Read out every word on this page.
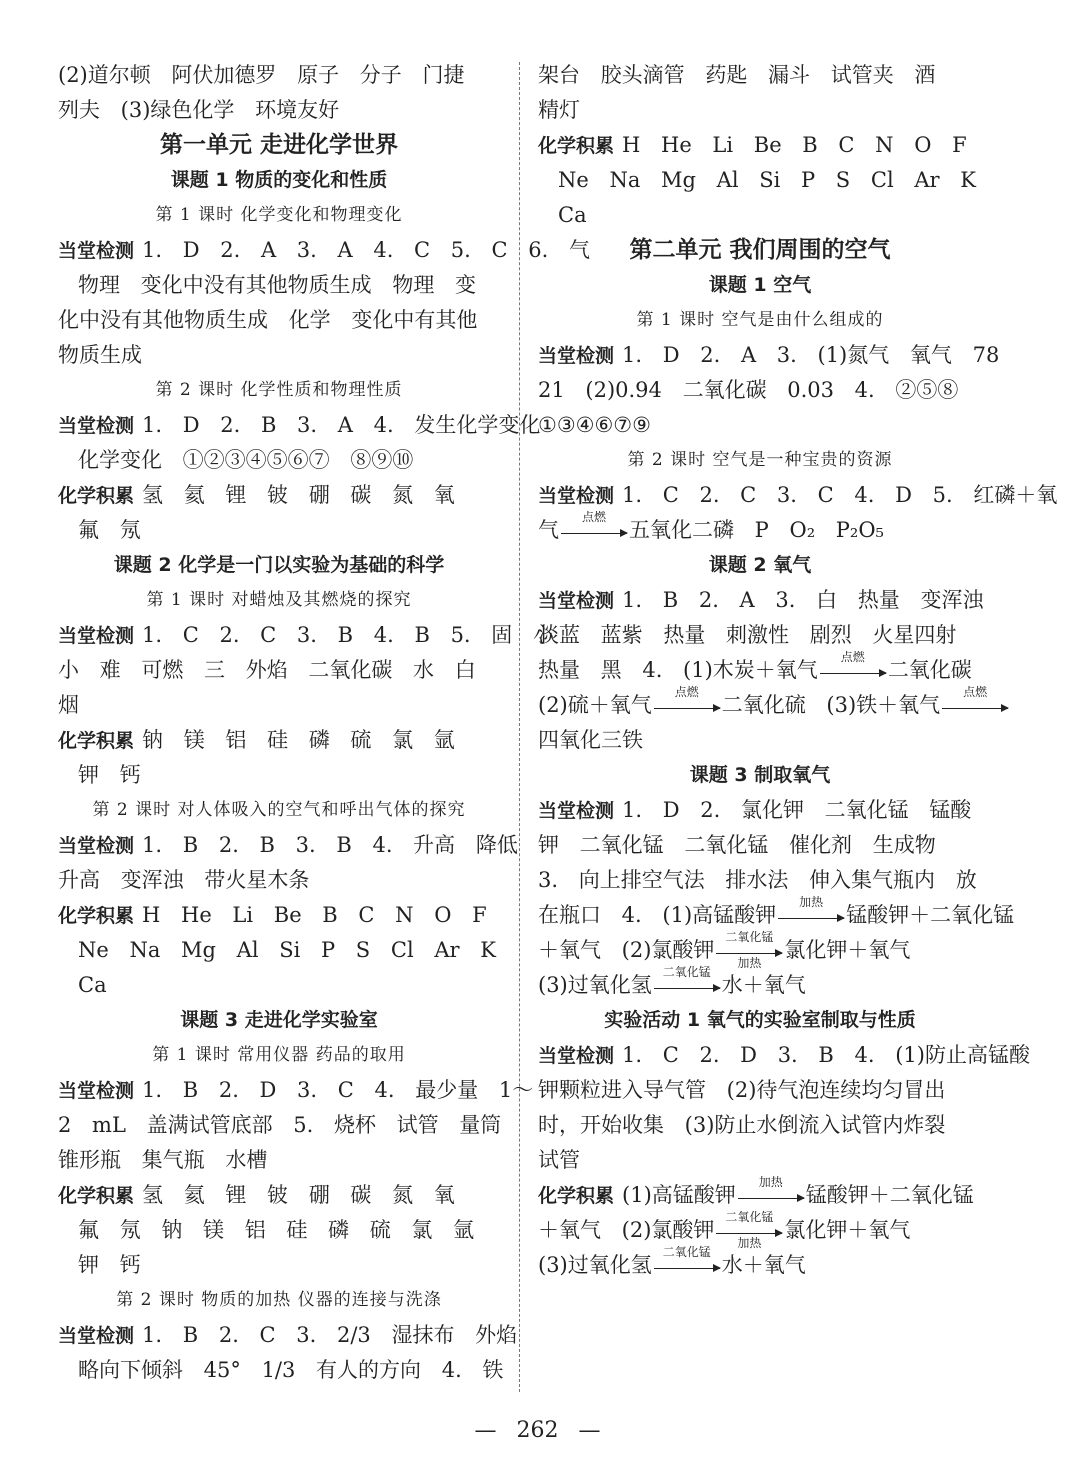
(2)道尔顿 阿伏加德罗 原子 分子 门捷
列夫 (3)绿色化学 环境友好
第一单元 走进化学世界
课题 1 物质的变化和性质
第 1 课时 化学变化和物理变化
当堂检测 1. D 2. A 3. A 4. C 5. C 6. 气
物理 变化中没有其他物质生成 物理 变
化中没有其他物质生成 化学 变化中有其他
物质生成
第 2 课时 化学性质和物理性质
当堂检测 1. D 2. B 3. A 4. 发生化学变化
化学变化 ①②③④⑤⑥⑦ ⑧⑨⑩
化学积累 氢 氦 锂 铍 硼 碳 氮 氧
氟 氖
课题 2 化学是一门以实验为基础的科学
第 1 课时 对蜡烛及其燃烧的探究
当堂检测 1. C 2. C 3. B 4. B 5. 固 小
小 难 可燃 三 外焰 二氧化碳 水 白
烟
化学积累 钠 镁 铝 硅 磷 硫 氯 氩
钾 钙
第 2 课时 对人体吸入的空气和呼出气体的探究
当堂检测 1. B 2. B 3. B 4. 升高 降低
升高 变浑浊 带火星木条
化学积累 H He Li Be B C N O F
Ne Na Mg Al Si P S Cl Ar K
Ca
课题 3 走进化学实验室
第 1 课时 常用仪器 药品的取用
当堂检测 1. B 2. D 3. C 4. 最少量 1～
2 mL 盖满试管底部 5. 烧杯 试管 量筒
锥形瓶 集气瓶 水槽
化学积累 氢 氦 锂 铍 硼 碳 氮 氧
氟 氖 钠 镁 铝 硅 磷 硫 氯 氩
钾 钙
第 2 课时 物质的加热 仪器的连接与洗涤
当堂检测 1. B 2. C 3. 2/3 湿抹布 外焰
略向下倾斜 45° 1/3 有人的方向 4. 铁
架台 胶头滴管 药匙 漏斗 试管夹 酒
精灯
化学积累 H He Li Be B C N O F
Ne Na Mg Al Si P S Cl Ar K
Ca
第二单元 我们周围的空气
课题 1 空气
第 1 课时 空气是由什么组成的
当堂检测 1. D 2. A 3. (1)氮气 氧气 78
21 (2)0.94 二氧化碳 0.03 4. ②⑤⑧
①③④⑥⑦⑨
第 2 课时 空气是一种宝贵的资源
当堂检测 1. C 2. C 3. C 4. D 5. 红磷＋氧
气
点燃
五氧化二磷 P O₂ P₂O₅
课题 2 氧气
当堂检测 1. B 2. A 3. 白 热量 变浑浊
淡蓝 蓝紫 热量 刺激性 剧烈 火星四射
热量 黑 4. (1)木炭＋氧气
点燃
二氧化碳
(2)硫＋氧气
点燃
二氧化硫 (3)铁＋氧气
点燃
四氧化三铁
课题 3 制取氧气
当堂检测 1. D 2. 氯化钾 二氧化锰 锰酸
钾 二氧化锰 二氧化锰 催化剂 生成物
3. 向上排空气法 排水法 伸入集气瓶内 放
在瓶口 4. (1)高锰酸钾
加热
锰酸钾＋二氧化锰
＋氧气 (2)氯酸钾
二氧化锰
加热
氯化钾＋氧气
(3)过氧化氢
二氧化锰
水＋氧气
实验活动 1 氧气的实验室制取与性质
当堂检测 1. C 2. D 3. B 4. (1)防止高锰酸
钾颗粒进入导气管 (2)待气泡连续均匀冒出
时，开始收集 (3)防止水倒流入试管内炸裂
试管
化学积累 (1)高锰酸钾
加热
锰酸钾＋二氧化锰
＋氧气 (2)氯酸钾
二氧化锰
加热
氯化钾＋氧气
(3)过氧化氢
二氧化锰
水＋氧气
— 262 —
